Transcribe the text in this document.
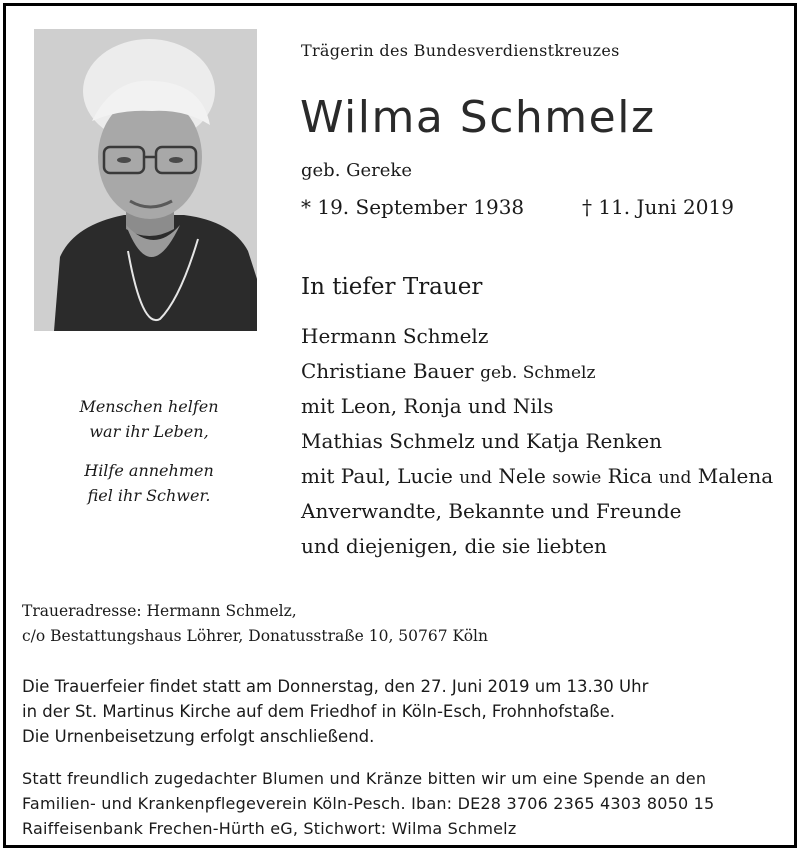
Trägerin des Bundesverdienstkreuzes
Wilma Schmelz
geb. Gereke
* 19. September 1938	† 11. Juni 2019
In tiefer Trauer
Hermann Schmelz
Christiane Bauer geb. Schmelz
mit Leon, Ronja und Nils
Mathias Schmelz und Katja Renken
mit Paul, Lucie und Nele sowie Rica und Malena
Anverwandte, Bekannte und Freunde
und diejenigen, die sie liebten
Menschen helfen
war ihr Leben,
Hilfe annehmen
fiel ihr Schwer.
Traueradresse: Hermann Schmelz,
c/o Bestattungshaus Löhrer, Donatusstraße 10, 50767 Köln
Die Trauerfeier findet statt am Donnerstag, den 27. Juni 2019 um 13.30 Uhr
in der St. Martinus Kirche auf dem Friedhof in Köln-Esch, Frohnhofstaße.
Die Urnenbeisetzung erfolgt anschließend.
Statt freundlich zugedachter Blumen und Kränze bitten wir um eine Spende an den
Familien- und Krankenpflegeverein Köln-Pesch. Iban: DE28 3706 2365 4303 8050 15
Raiffeisenbank Frechen-Hürth eG, Stichwort: Wilma Schmelz
